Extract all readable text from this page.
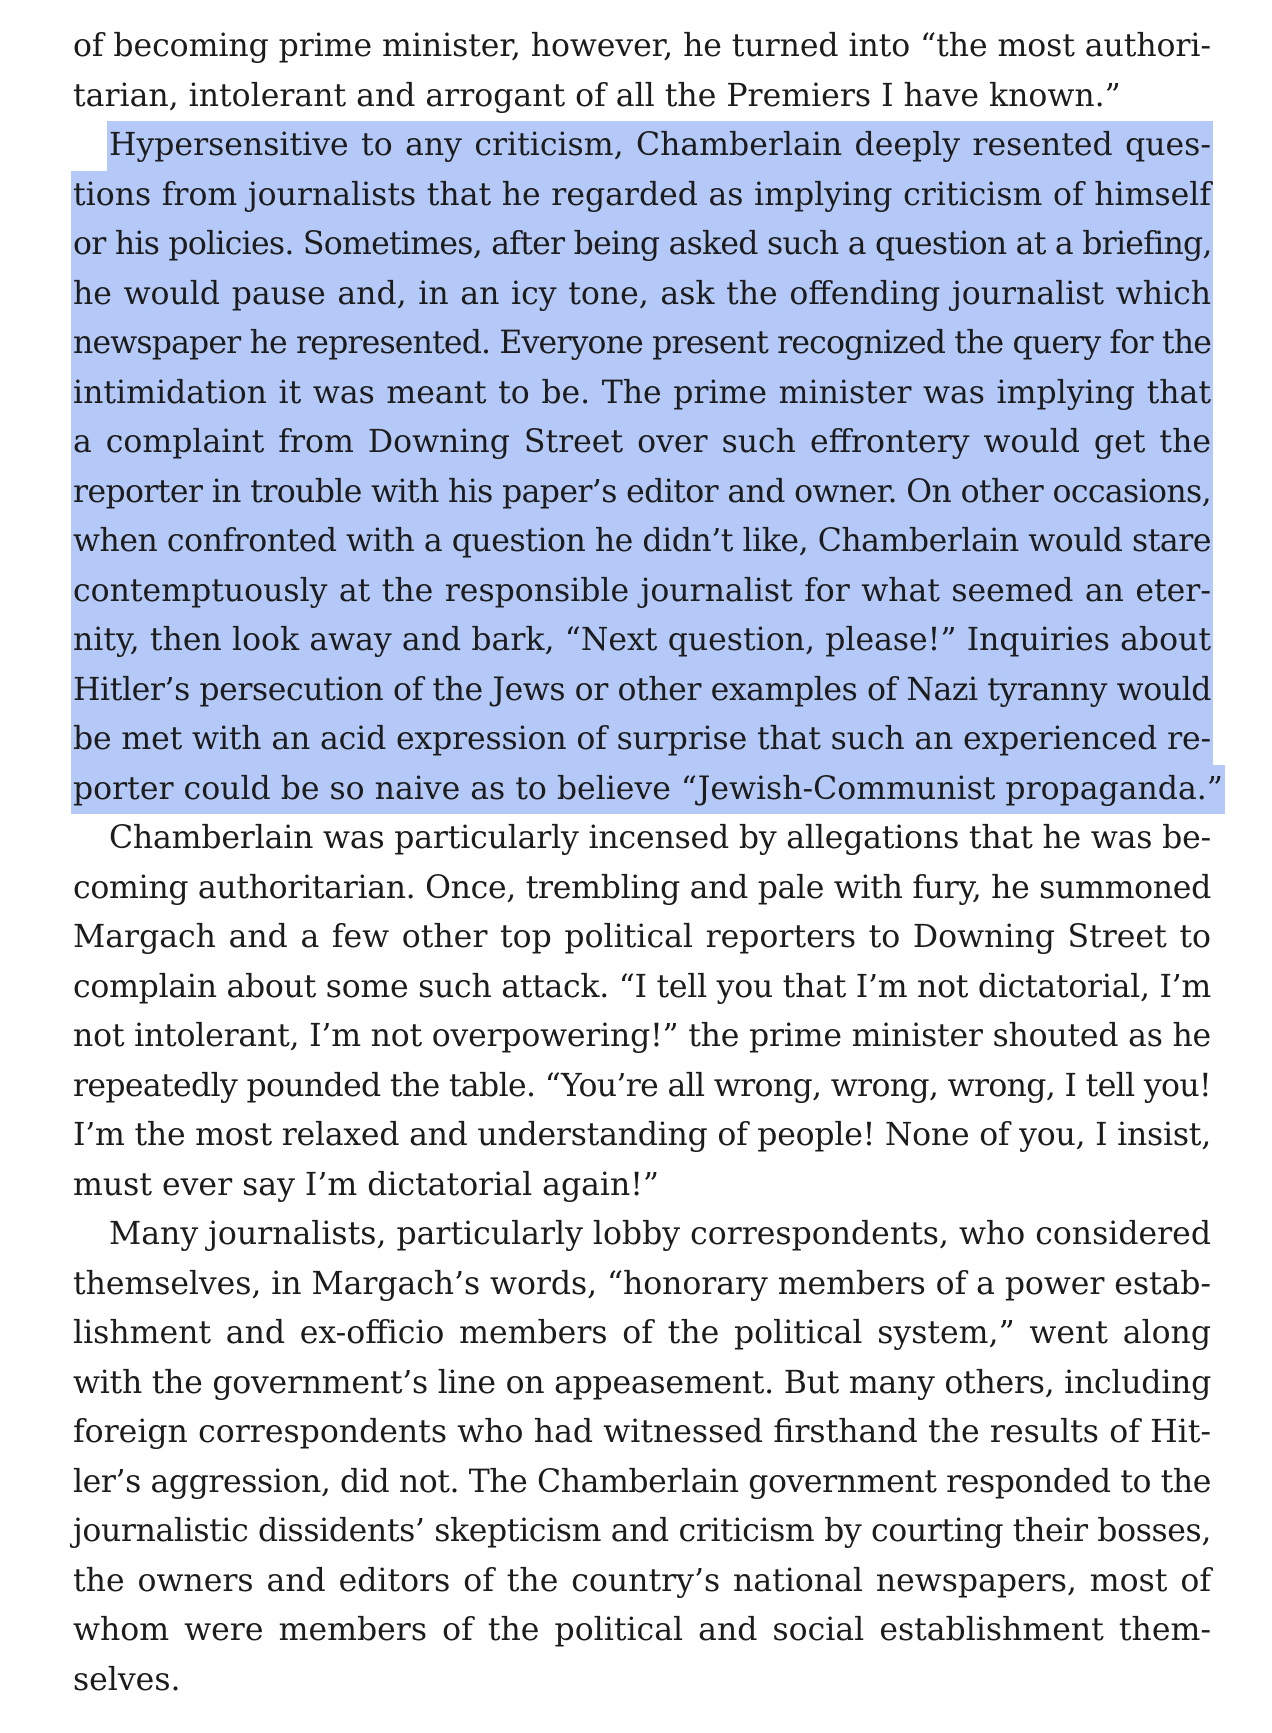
of becoming prime minister, however, he turned into “the most authori-
tarian, intolerant and arrogant of all the Premiers I have known.”
Hypersensitive to any criticism, Chamberlain deeply resented ques-
tions from journalists that he regarded as implying criticism of himself
or his policies. Sometimes, after being asked such a question at a briefing,
he would pause and, in an icy tone, ask the offending journalist which
newspaper he represented. Everyone present recognized the query for the
intimidation it was meant to be. The prime minister was implying that
a complaint from Downing Street over such effrontery would get the
reporter in trouble with his paper’s editor and owner. On other occasions,
when confronted with a question he didn’t like, Chamberlain would stare
contemptuously at the responsible journalist for what seemed an eter-
nity, then look away and bark, “Next question, please!” Inquiries about
Hitler’s persecution of the Jews or other examples of Nazi tyranny would
be met with an acid expression of surprise that such an experienced re-
porter could be so naive as to believe “Jewish-Communist propaganda.”
Chamberlain was particularly incensed by allegations that he was be-
coming authoritarian. Once, trembling and pale with fury, he summoned
Margach and a few other top political reporters to Downing Street to
complain about some such attack. “I tell you that I’m not dictatorial, I’m
not intolerant, I’m not overpowering!” the prime minister shouted as he
repeatedly pounded the table. “You’re all wrong, wrong, wrong, I tell you!
I’m the most relaxed and understanding of people! None of you, I insist,
must ever say I’m dictatorial again!”
Many journalists, particularly lobby correspondents, who considered
themselves, in Margach’s words, “honorary members of a power estab-
lishment and ex-officio members of the political system,” went along
with the government’s line on appeasement. But many others, including
foreign correspondents who had witnessed firsthand the results of Hit-
ler’s aggression, did not. The Chamberlain government responded to the
journalistic dissidents’ skepticism and criticism by courting their bosses,
the owners and editors of the country’s national newspapers, most of
whom were members of the political and social establishment them-
selves.
